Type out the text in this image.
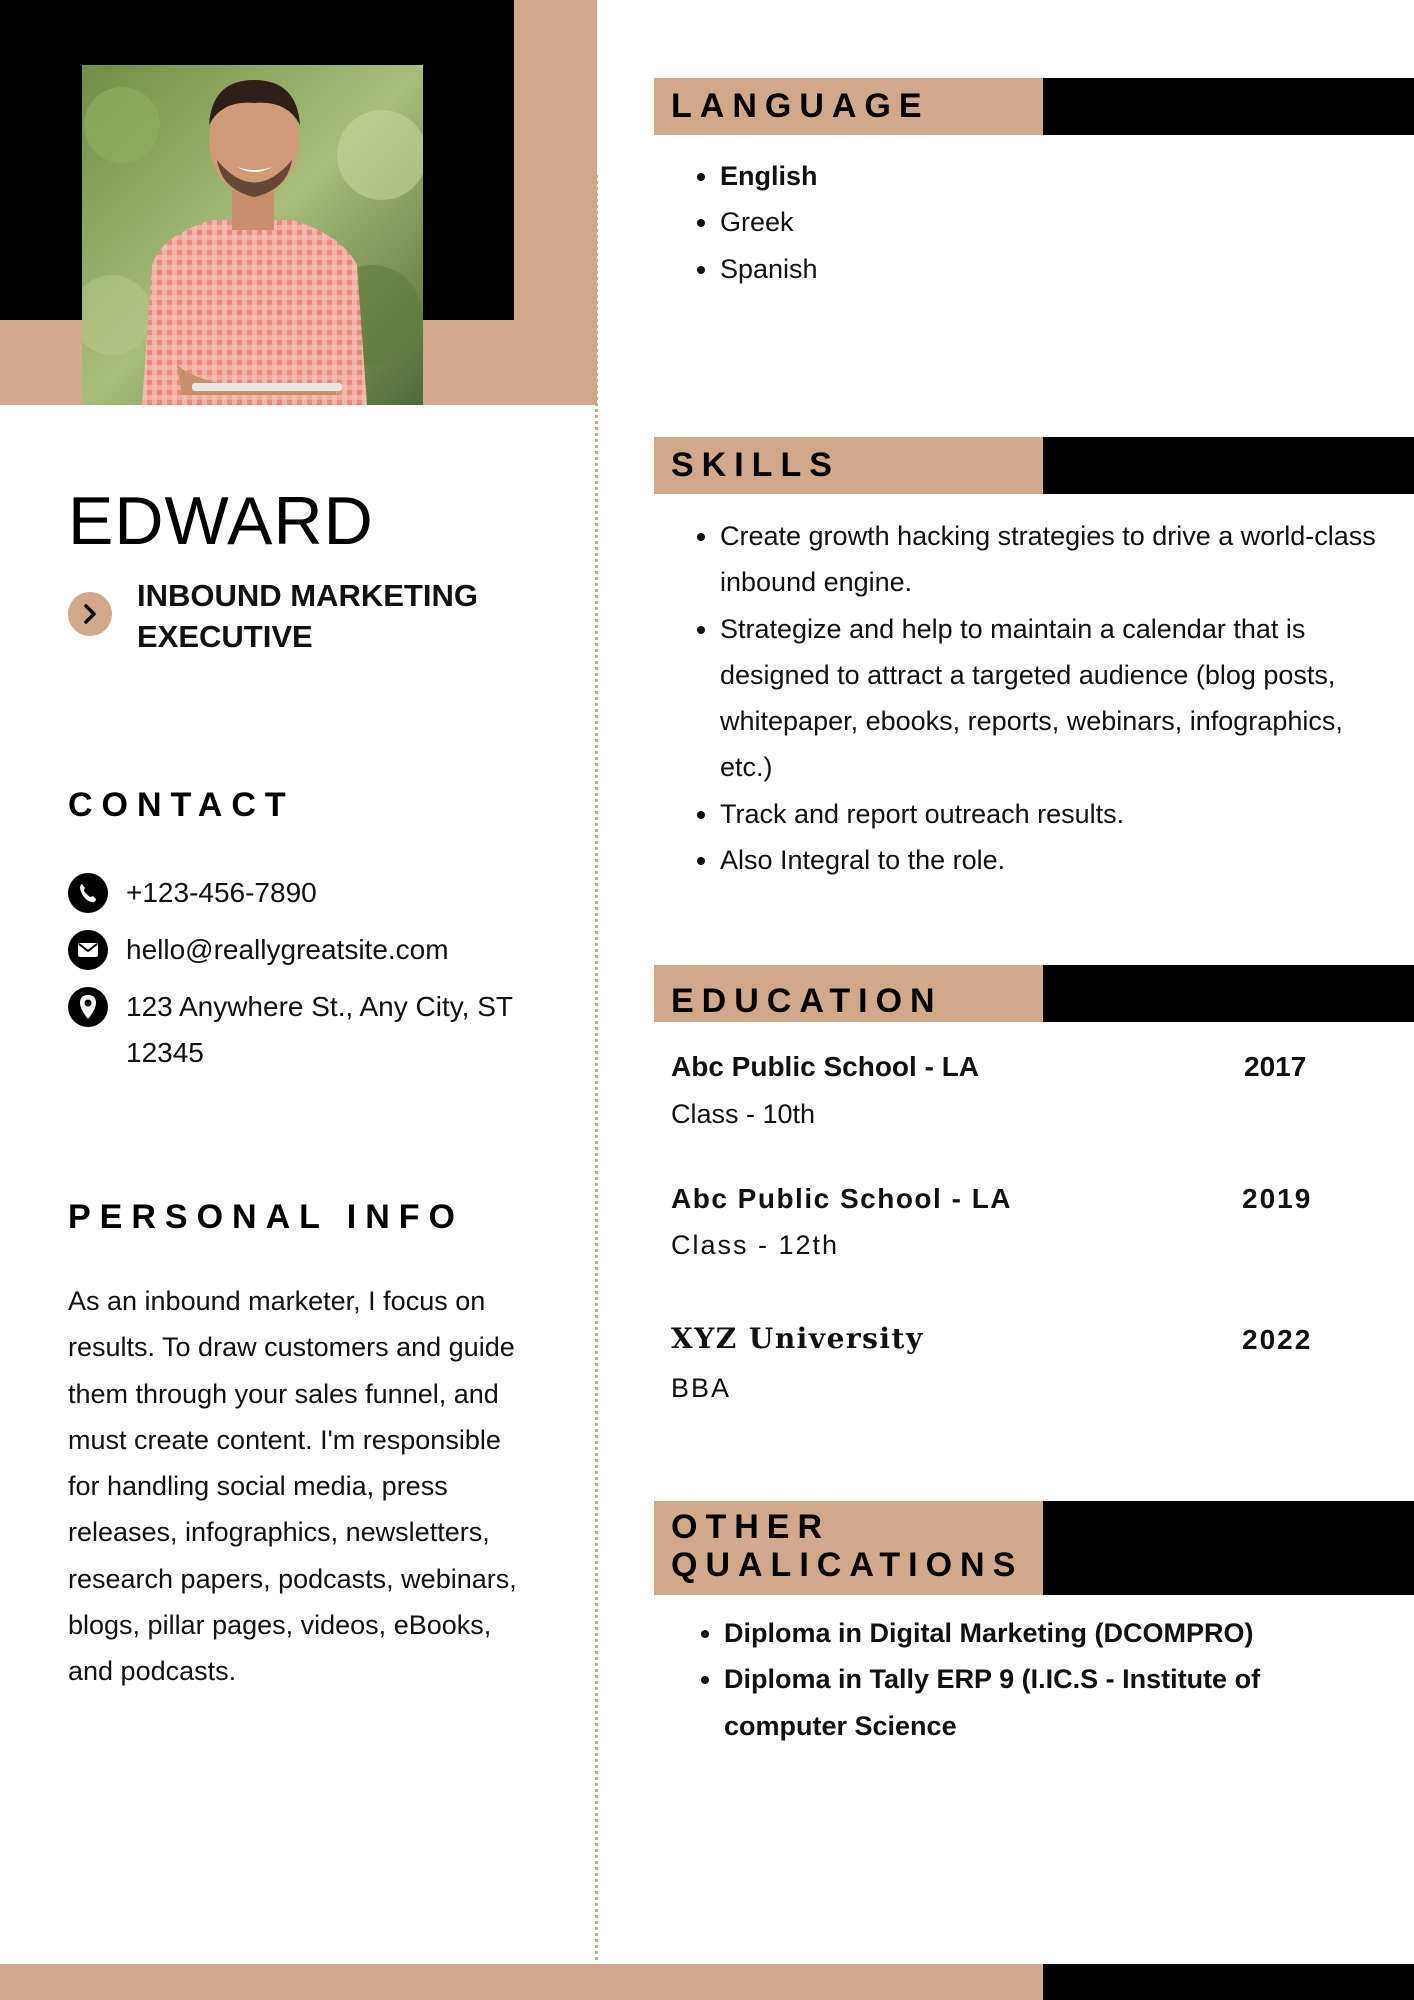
EDWARD
INBOUND MARKETING EXECUTIVE
CONTACT
+123-456-7890
hello@reallygreatsite.com
123 Anywhere St., Any City, ST 12345
PERSONAL INFO
As an inbound marketer, I focus on results. To draw customers and guide them through your sales funnel, and must create content. I'm responsible for handling social media, press releases, infographics, newsletters, research papers, podcasts, webinars, blogs, pillar pages, videos, eBooks, and podcasts.
LANGUAGE
• English
• Greek
• Spanish
SKILLS
• Create growth hacking strategies to drive a world-class inbound engine.
• Strategize and help to maintain a calendar that is designed to attract a targeted audience (blog posts, whitepaper, ebooks, reports, webinars, infographics, etc.)
• Track and report outreach results.
• Also Integral to the role.
EDUCATION
Abc Public School - LA	2017
Class - 10th
Abc Public School - LA	2019
Class - 12th
XYZ University	2022
BBA
OTHER
QUALICATIONS
• Diploma in Digital Marketing (DCOMPRO)
• Diploma in Tally ERP 9 (I.IC.S - Institute of computer Science
